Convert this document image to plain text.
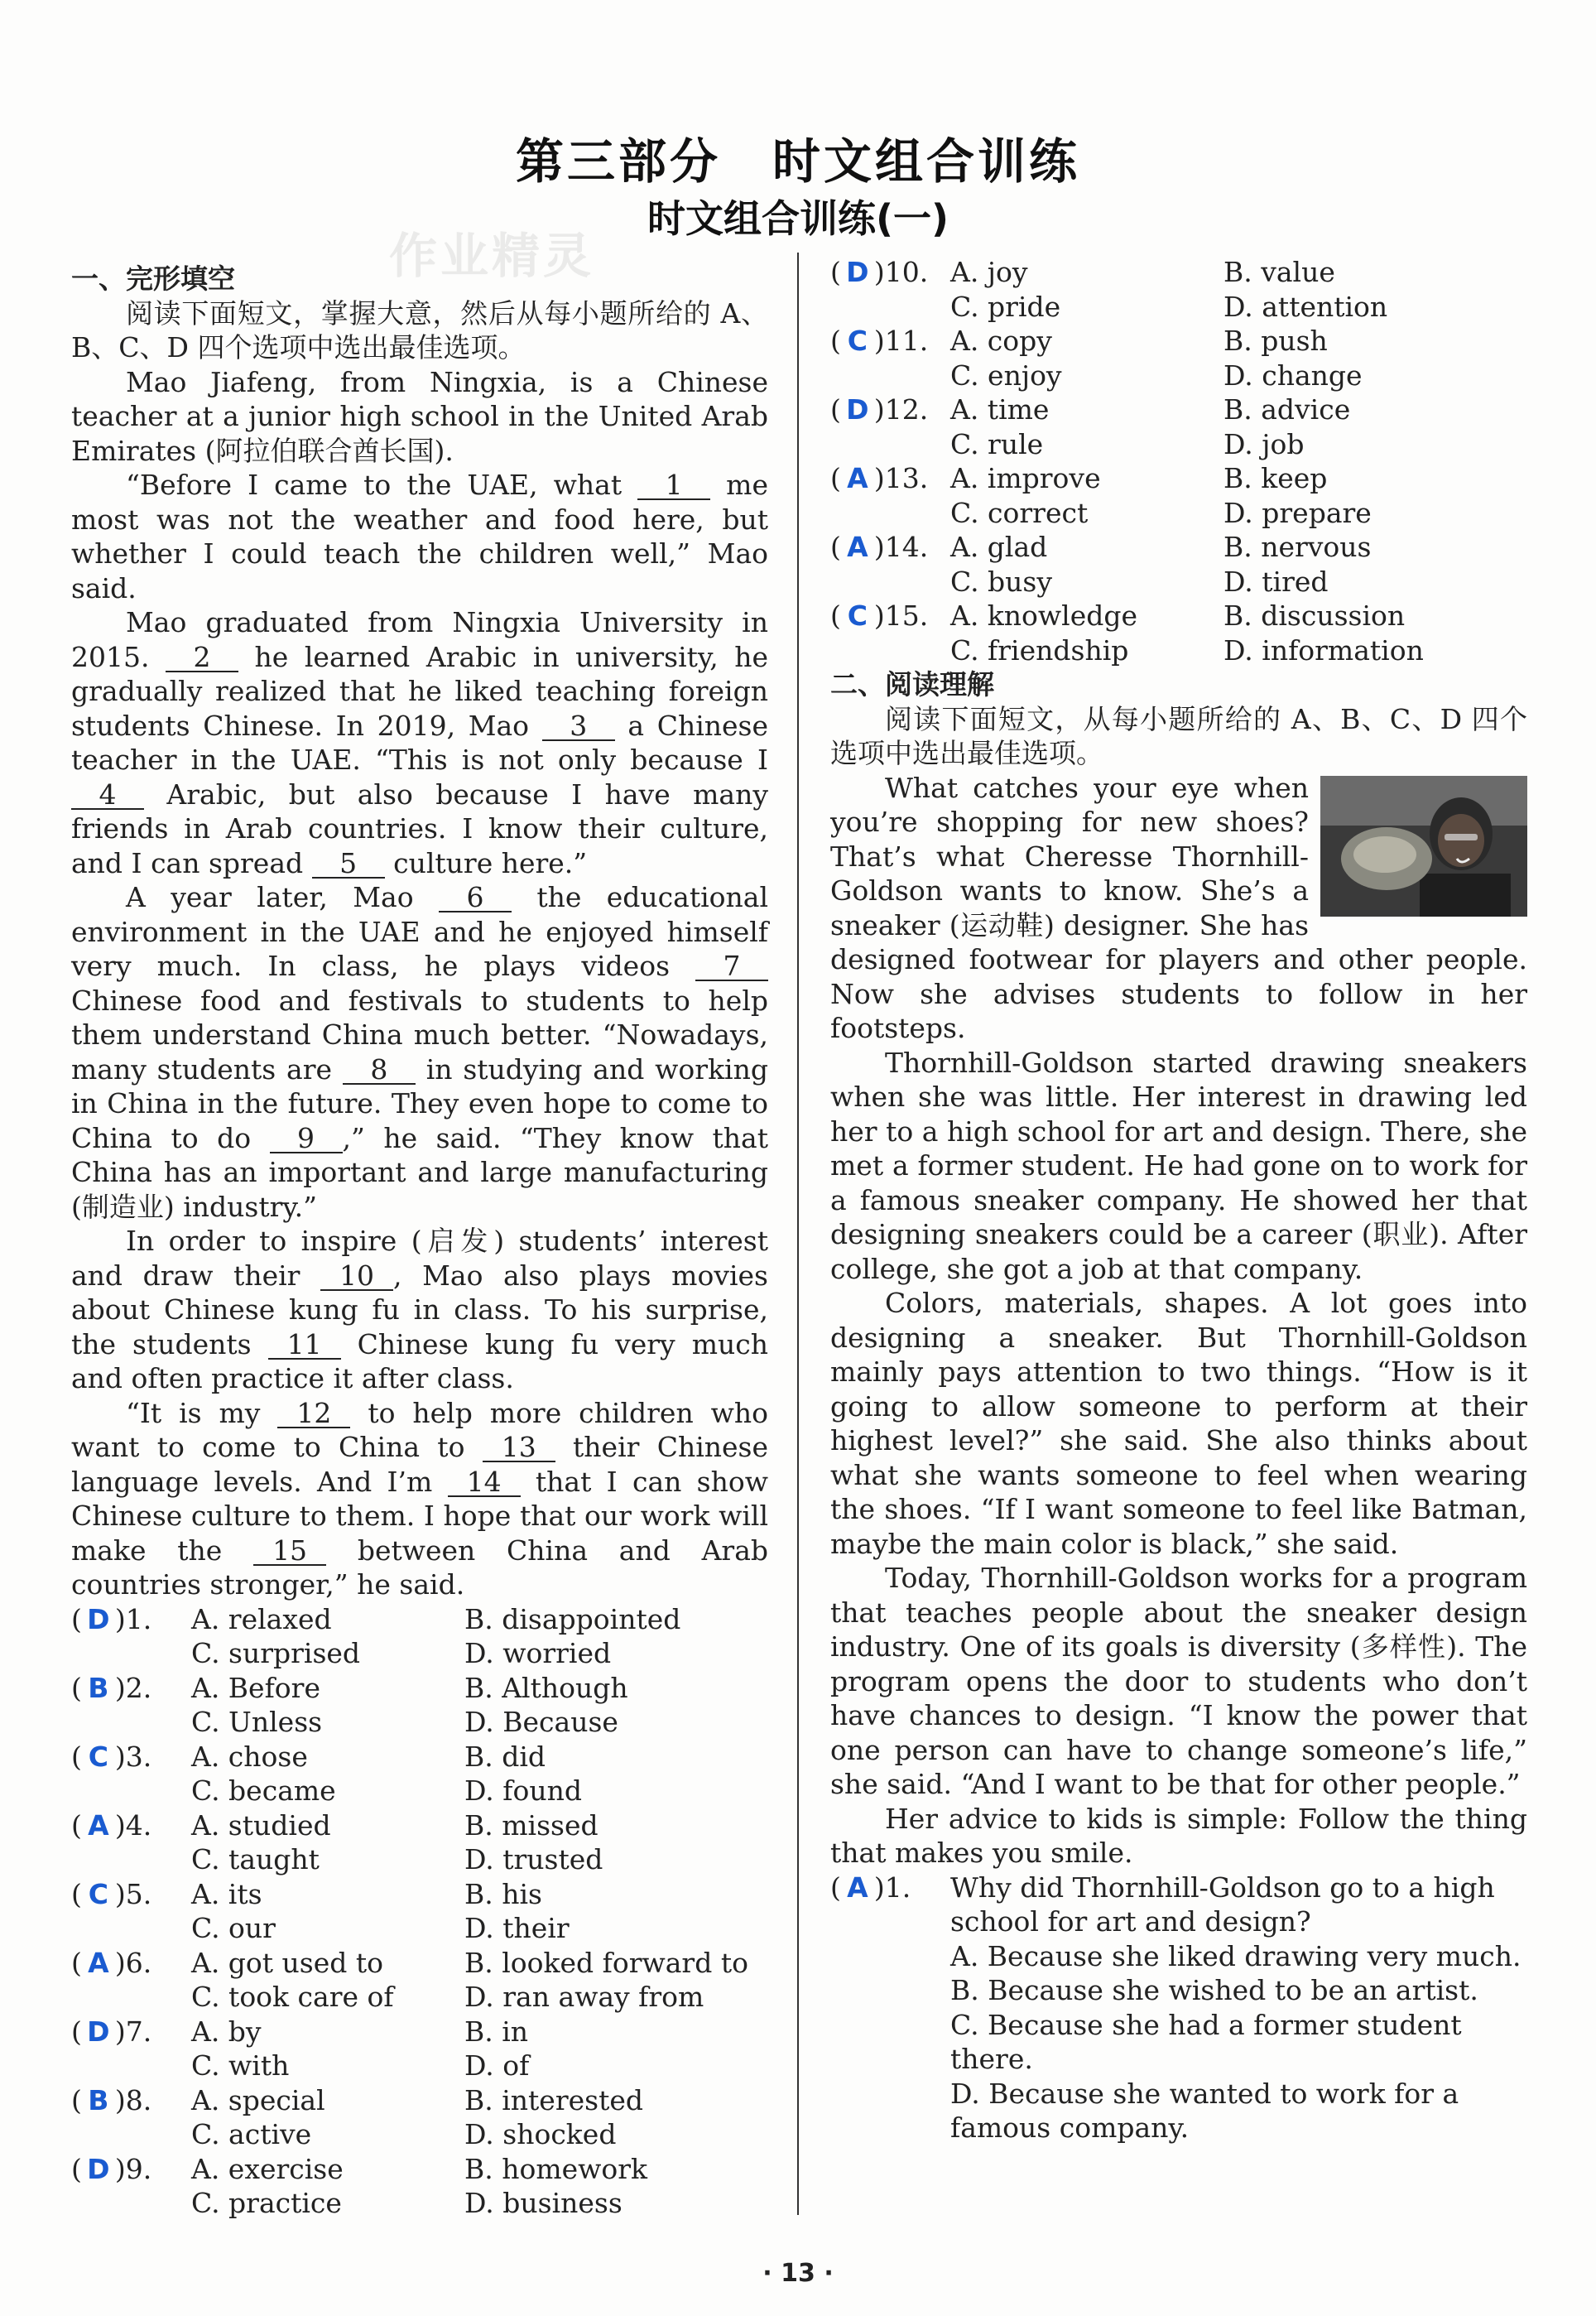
第三部分　时文组合训练
时文组合训练(一)
作业精灵
一、完形填空

阅读下面短文，掌握大意，然后从每小题所给的 A、B、C、D 四个选项中选出最佳选项。

Mao Jiafeng, from Ningxia, is a Chinese teacher at a junior high school in the United Arab Emirates (阿拉伯联合酋长国).

“Before I came to the UAE, what 1 me most was not the weather and food here, but whether I could teach the children well,” Mao said.

Mao graduated from Ningxia University in 2015. 2 he learned Arabic in university, he gradually realized that he liked teaching foreign students Chinese. In 2019, Mao 3 a Chinese teacher in the UAE. “This is not only because I 4 Arabic, but also because I have many friends in Arab countries. I know their culture, and I can spread 5 culture here.”

A year later, Mao 6 the educational environment in the UAE and he enjoyed himself very much. In class, he plays videos 7 Chinese food and festivals to students to help them understand China much better. “Nowadays, many students are 8 in studying and working in China in the future. They even hope to come to China to do 9 ,” he said. “They know that China has an important and large manufacturing (制造业) industry.”

In order to inspire (启发) students’ interest and draw their 10 , Mao also plays movies about Chinese kung fu in class. To his surprise, the students 11 Chinese kung fu very much and often practice it after class.

“It is my 12 to help more children who want to come to China to 13 their Chinese language levels. And I’m 14 that I can show Chinese culture to them. I hope that our work will make the 15 between China and Arab countries stronger,” he said.

( D )1.	A. relaxed	B. disappointed
C. surprised	D. worried
( B )2.	A. Before	B. Although
C. Unless	D. Because
( C )3.	A. chose	B. did
C. became	D. found
( A )4.	A. studied	B. missed
C. taught	D. trusted
( C )5.	A. its	B. his
C. our	D. their
( A )6.	A. got used to	B. looked forward to
C. took care of	D. ran away from
( D )7.	A. by	B. in
C. with	D. of
( B )8.	A. special	B. interested
C. active	D. shocked
( D )9.	A. exercise	B. homework
C. practice	D. business
( D )10. A. joy	B. value
C. pride	D. attention
( C )11. A. copy	B. push
C. enjoy	D. change
( D )12. A. time	B. advice
C. rule	D. job
( A )13. A. improve	B. keep
C. correct	D. prepare
( A )14. A. glad	B. nervous
C. busy	D. tired
( C )15. A. knowledge	B. discussion
C. friendship	D. information
二、阅读理解

阅读下面短文，从每小题所给的 A、B、C、D 四个选项中选出最佳选项。

What catches your eye when you’re shopping for new shoes? That’s what Cheresse Thornhill-Goldson wants to know. She’s a sneaker (运动鞋) designer. She has designed footwear for players and other people. Now she advises students to follow in her footsteps.

Thornhill-Goldson started drawing sneakers when she was little. Her interest in drawing led her to a high school for art and design. There, she met a former student. He had gone on to work for a famous sneaker company. He showed her that designing sneakers could be a career (职业). After college, she got a job at that company.

Colors, materials, shapes. A lot goes into designing a sneaker. But Thornhill-Goldson mainly pays attention to two things. “How is it going to allow someone to perform at their highest level?” she said. She also thinks about what she wants someone to feel when wearing the shoes. “If I want someone to feel like Batman, maybe the main color is black,” she said.

Today, Thornhill-Goldson works for a program that teaches people about the sneaker design industry. One of its goals is diversity (多样性). The program opens the door to students who don’t have chances to design. “I know the power that one person can have to change someone’s life,” she said. “And I want to be that for other people.”

Her advice to kids is simple: Follow the thing that makes you smile.

( A )1.	Why did Thornhill-Goldson go to a high school for art and design?
A. Because she liked drawing very much.
B. Because she wished to be an artist.
C. Because she had a former student there.
D. Because she wanted to work for a famous company.
· 13 ·
